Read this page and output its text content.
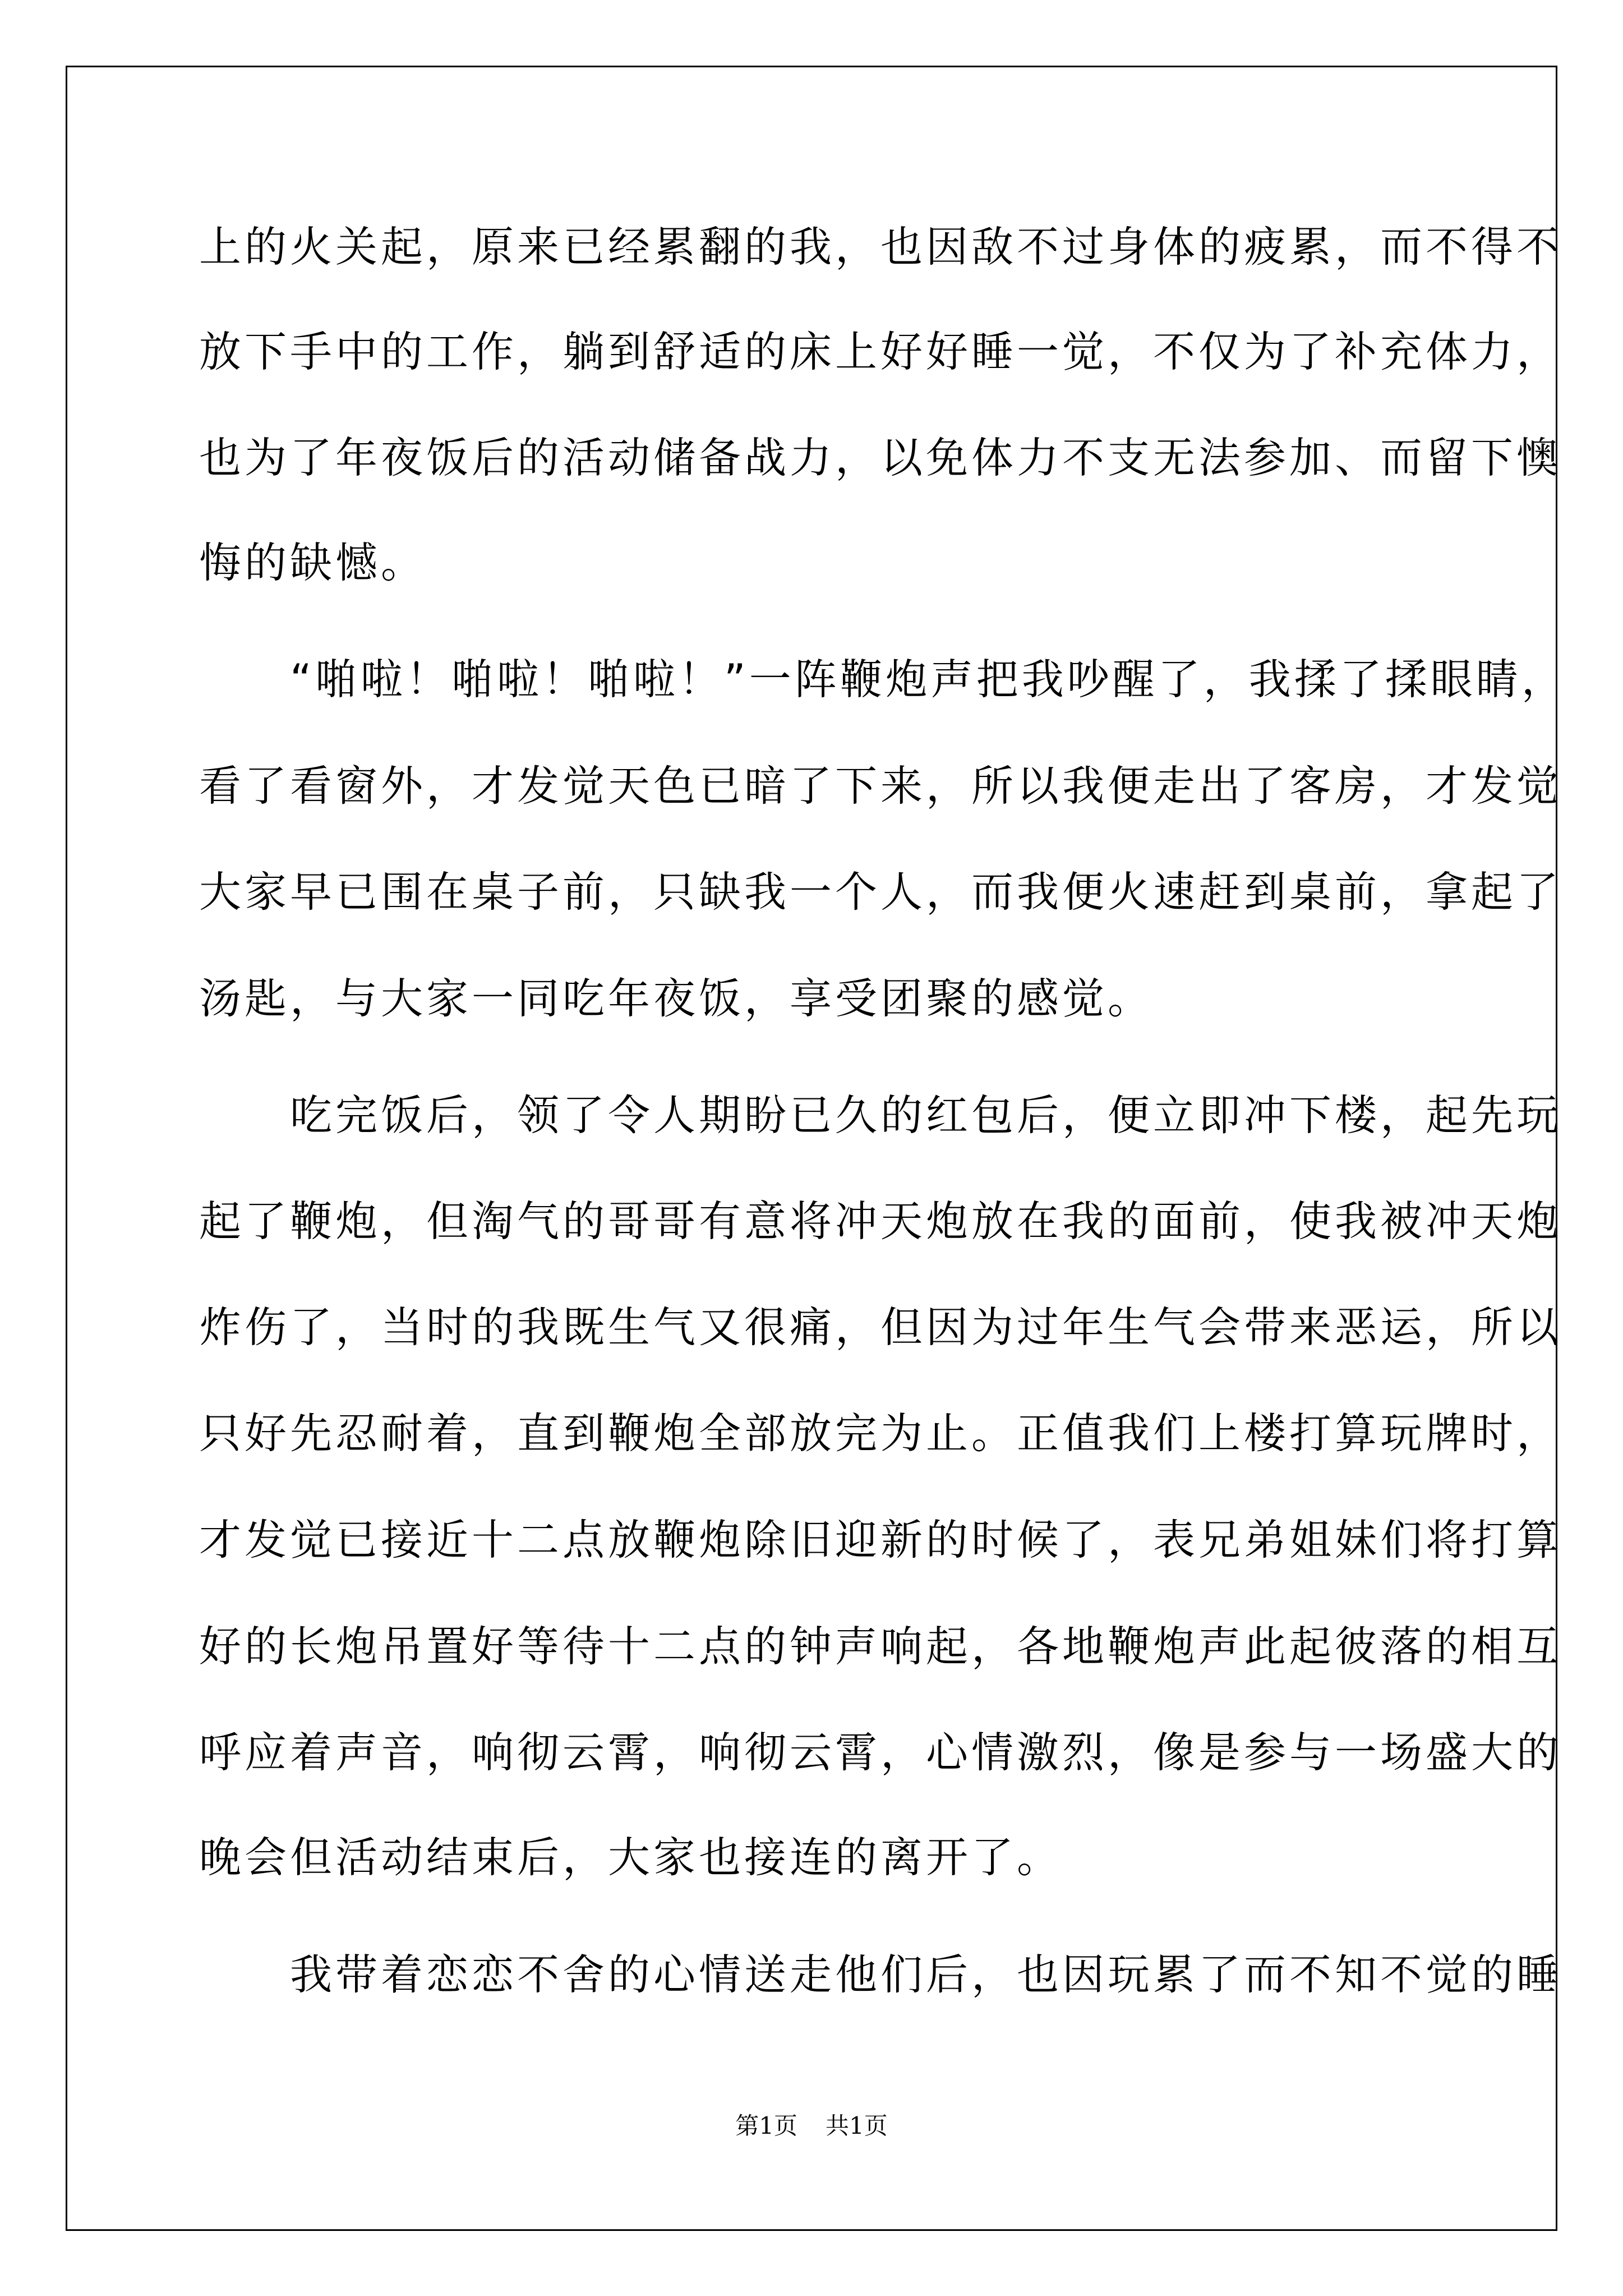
上的火关起，原来已经累翻的我，也因敌不过身体的疲累，而不得不
放下手中的工作，躺到舒适的床上好好睡一觉，不仅为了补充体力，
也为了年夜饭后的活动储备战力，以免体力不支无法参加、而留下懊
悔的缺憾。
　　“啪啦！啪啦！啪啦！”一阵鞭炮声把我吵醒了，我揉了揉眼睛，
看了看窗外，才发觉天色已暗了下来，所以我便走出了客房，才发觉
大家早已围在桌子前，只缺我一个人，而我便火速赶到桌前，拿起了
汤匙，与大家一同吃年夜饭，享受团聚的感觉。
　　吃完饭后，领了令人期盼已久的红包后，便立即冲下楼，起先玩
起了鞭炮，但淘气的哥哥有意将冲天炮放在我的面前，使我被冲天炮
炸伤了，当时的我既生气又很痛，但因为过年生气会带来恶运，所以
只好先忍耐着，直到鞭炮全部放完为止。正值我们上楼打算玩牌时，
才发觉已接近十二点放鞭炮除旧迎新的时候了，表兄弟姐妹们将打算
好的长炮吊置好等待十二点的钟声响起，各地鞭炮声此起彼落的相互
呼应着声音，响彻云霄，响彻云霄，心情激烈，像是参与一场盛大的
晚会但活动结束后，大家也接连的离开了。
　　我带着恋恋不舍的心情送走他们后，也因玩累了而不知不觉的睡
第1页 共1页
